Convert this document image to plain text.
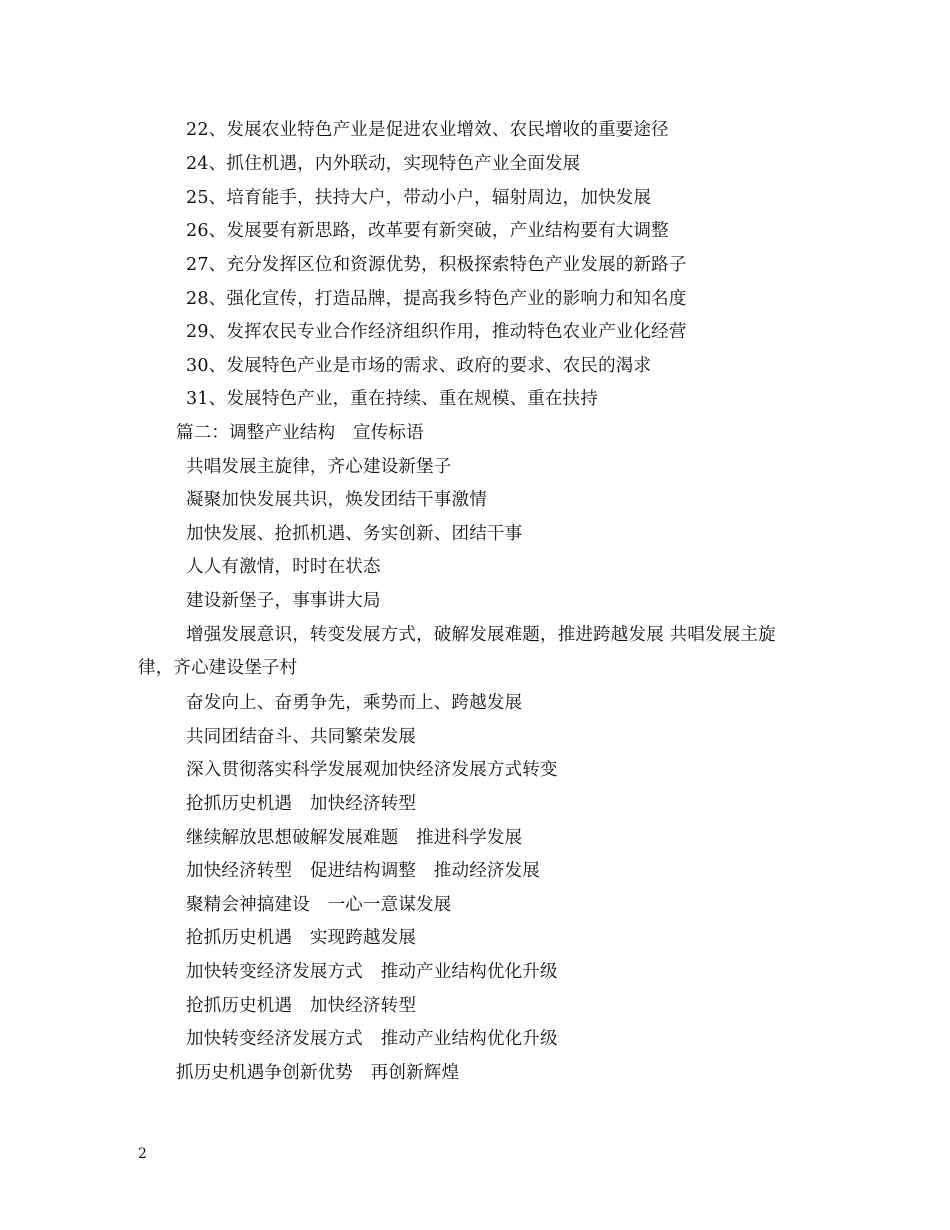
22、发展农业特色产业是促进农业增效、农民增收的重要途径
24、抓住机遇，内外联动，实现特色产业全面发展
25、培育能手，扶持大户，带动小户，辐射周边，加快发展
26、发展要有新思路，改革要有新突破，产业结构要有大调整
27、充分发挥区位和资源优势，积极探索特色产业发展的新路子
28、强化宣传，打造品牌，提高我乡特色产业的影响力和知名度
29、发挥农民专业合作经济组织作用，推动特色农业产业化经营
30、发展特色产业是市场的需求、政府的要求、农民的渴求
31、发展特色产业，重在持续、重在规模、重在扶持
篇二：调整产业结构　宣传标语
共唱发展主旋律，齐心建设新堡子
凝聚加快发展共识，焕发团结干事激情
加快发展、抢抓机遇、务实创新、团结干事
人人有激情，时时在状态
建设新堡子，事事讲大局
增强发展意识，转变发展方式，破解发展难题，推进跨越发展 共唱发展主旋
律，齐心建设堡子村
奋发向上、奋勇争先，乘势而上、跨越发展
共同团结奋斗、共同繁荣发展
深入贯彻落实科学发展观加快经济发展方式转变
抢抓历史机遇　加快经济转型
继续解放思想破解发展难题　推进科学发展
加快经济转型　促进结构调整　推动经济发展
聚精会神搞建设　一心一意谋发展
抢抓历史机遇　实现跨越发展
加快转变经济发展方式　推动产业结构优化升级
抢抓历史机遇　加快经济转型
加快转变经济发展方式　推动产业结构优化升级
抓历史机遇争创新优势　再创新辉煌
2
